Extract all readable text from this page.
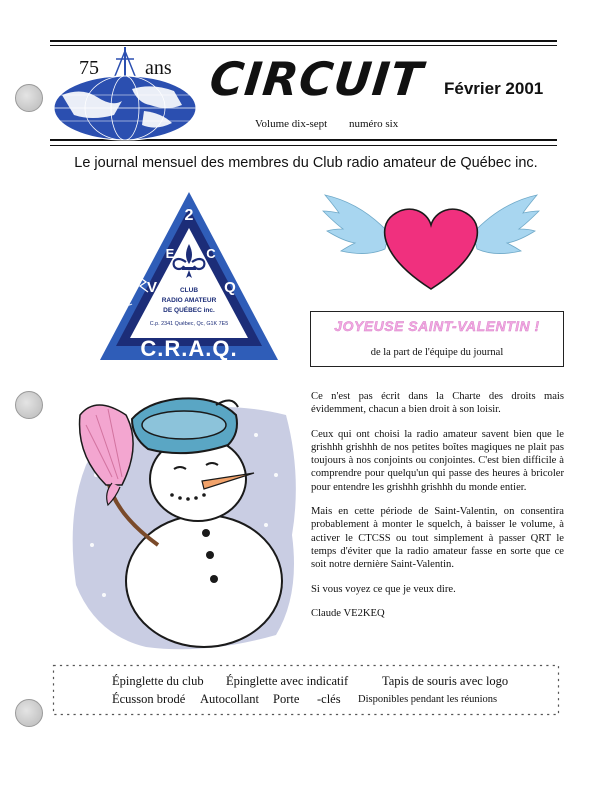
75 ans CIRCUIT Février 2001
Volume dix-sept numéro six
Le journal mensuel des membres du Club radio amateur de Québec inc.
2
V
E C
Q
CLUB
RADIO AMATEUR
DE QUÉBEC inc.
C.p. 2341 Québec, Qc, G1K 7E5
C.R.A.Q.
JOYEUSE SAINT-VALENTIN !
de la part de l'équipe du journal

Ce n'est pas écrit dans la Charte des droits mais évidemment, chacun a bien droit à son loisir.

Ceux qui ont choisi la radio amateur savent bien que le grishhh grishhh de nos petites boîtes magiques ne plait pas toujours à nos conjoints ou conjointes. C'est bien difficile à comprendre pour quelqu'un qui passe des heures à bricoler pour entendre les grishhh grishhh du monde entier.

Mais en cette période de Saint-Valentin, on consentira probablement à monter le squelch, à baisser le volume, à activer le CTCSS ou tout simplement à passer QRT le temps d'éviter que la radio amateur fasse en sorte que ce soit notre dernière Saint-Valentin.

Si vous voyez ce que je veux dire.

Claude VE2KEQ

Épinglette du club Épinglette avec indicatif	Tapis de souris avec logo
Écusson brodé Autocollant Porte -clés Disponibles pendant les réunions
